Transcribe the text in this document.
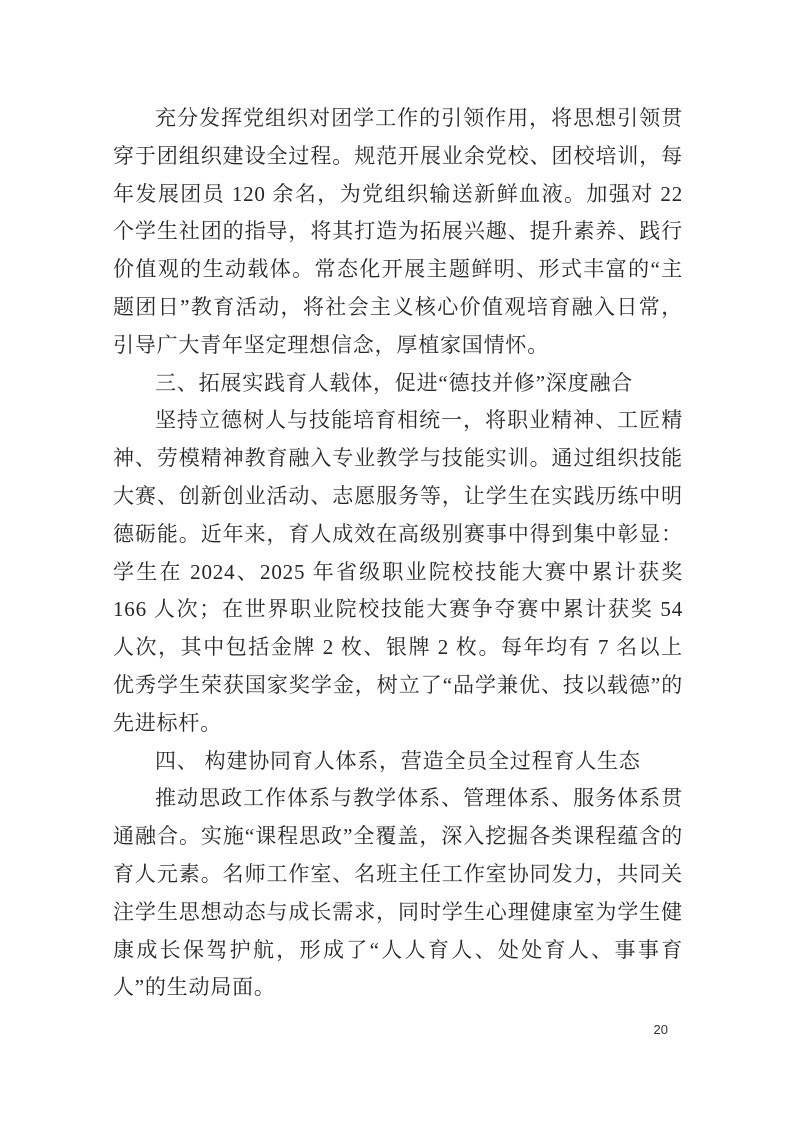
充分发挥党组织对团学工作的引领作用，将思想引领贯穿于团组织建设全过程。规范开展业余党校、团校培训，每年发展团员 120 余名，为党组织输送新鲜血液。加强对 22 个学生社团的指导，将其打造为拓展兴趣、提升素养、践行价值观的生动载体。常态化开展主题鲜明、形式丰富的“主题团日”教育活动，将社会主义核心价值观培育融入日常，引导广大青年坚定理想信念，厚植家国情怀。

三、拓展实践育人载体，促进“德技并修”深度融合

坚持立德树人与技能培育相统一，将职业精神、工匠精神、劳模精神教育融入专业教学与技能实训。通过组织技能大赛、创新创业活动、志愿服务等，让学生在实践历练中明德砺能。近年来，育人成效在高级别赛事中得到集中彰显：学生在 2024、2025 年省级职业院校技能大赛中累计获奖 166 人次；在世界职业院校技能大赛争夺赛中累计获奖 54 人次，其中包括金牌 2 枚、银牌 2 枚。每年均有 7 名以上优秀学生荣获国家奖学金，树立了“品学兼优、技以载德”的先进标杆。

四、 构建协同育人体系，营造全员全过程育人生态

推动思政工作体系与教学体系、管理体系、服务体系贯通融合。实施“课程思政”全覆盖，深入挖掘各类课程蕴含的育人元素。名师工作室、名班主任工作室协同发力，共同关注学生思想动态与成长需求，同时学生心理健康室为学生健康成长保驾护航，形成了“人人育人、处处育人、事事育人”的生动局面。

20
